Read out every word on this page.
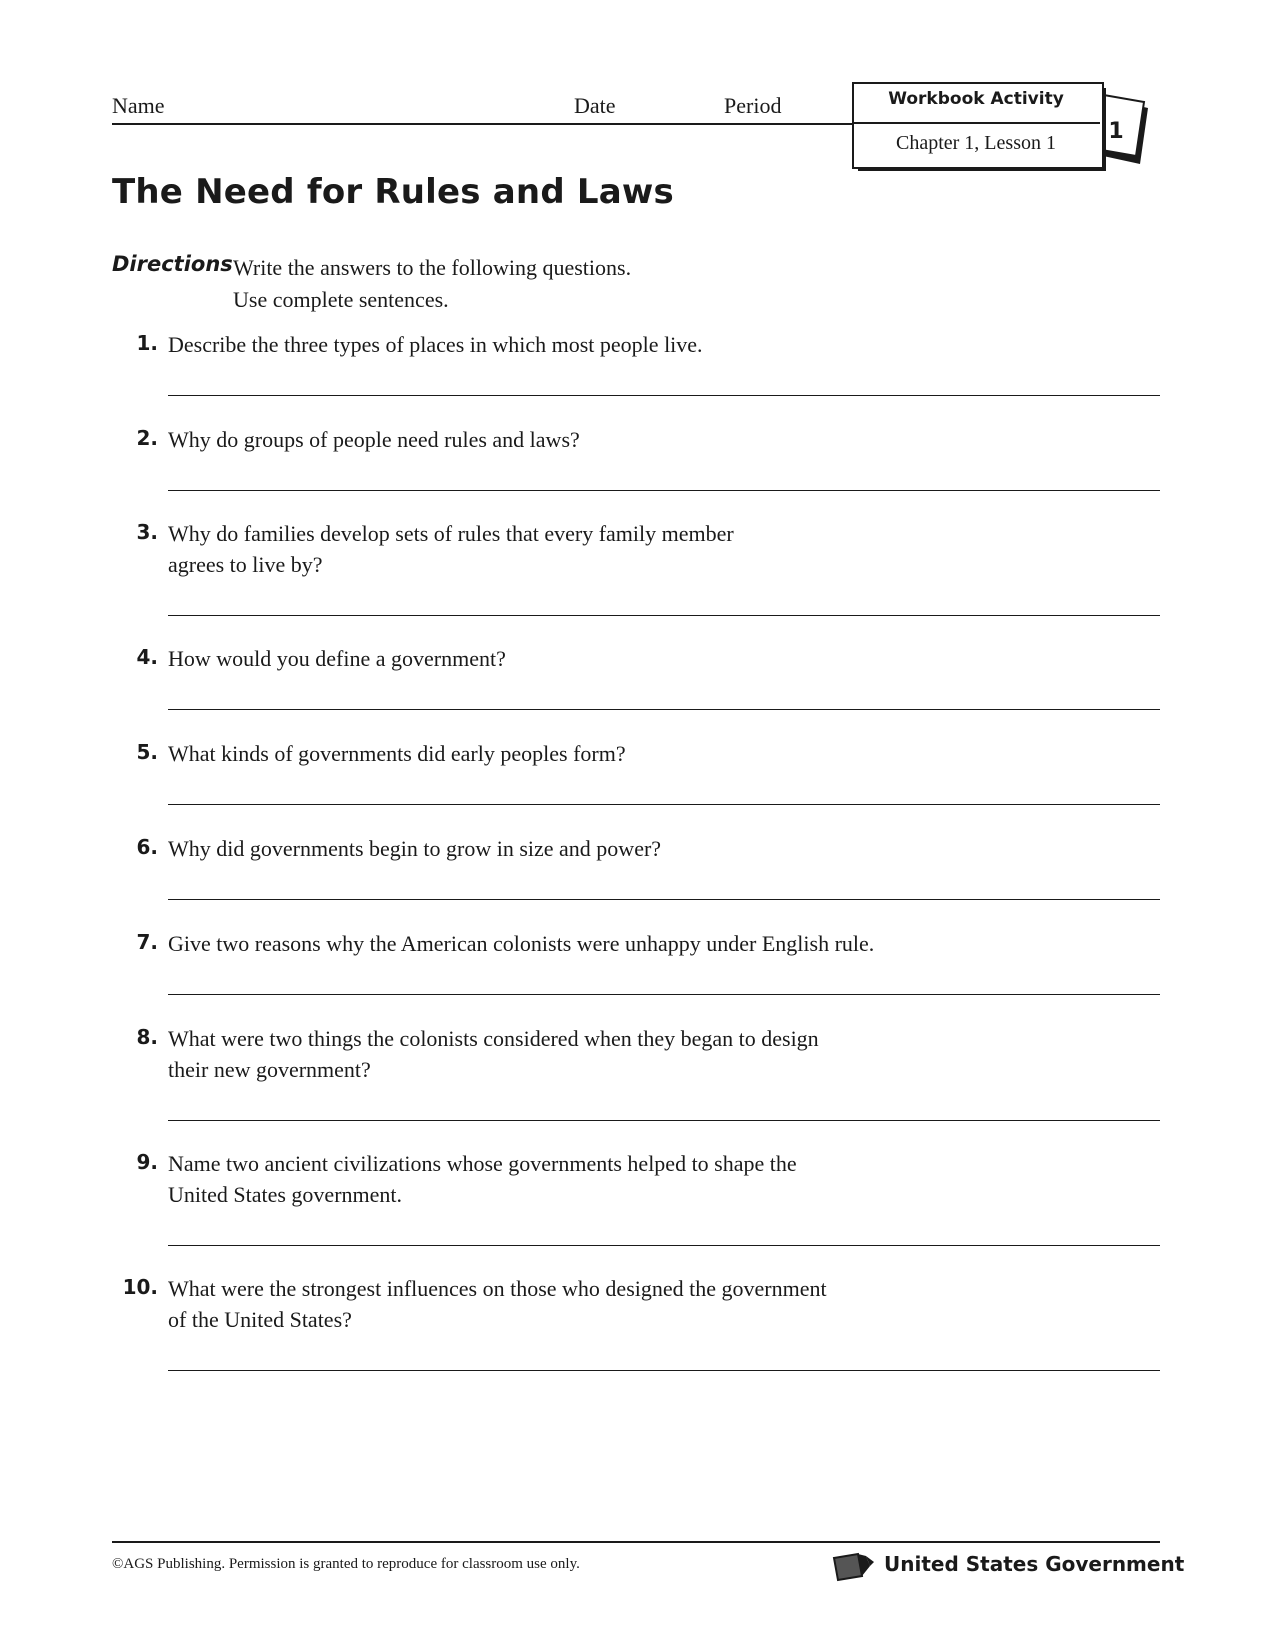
Name	Date	Period
1
Workbook Activity
Chapter 1, Lesson 1
The Need for Rules and Laws
Directions Write the answers to the following questions.
Use complete sentences.
1. Describe the three types of places in which most people live.
2. Why do groups of people need rules and laws?
3. Why do families develop sets of rules that every family member
agrees to live by?
4. How would you define a government?
5. What kinds of governments did early peoples form?
6. Why did governments begin to grow in size and power?
7. Give two reasons why the American colonists were unhappy under English rule.
8. What were two things the colonists considered when they began to design
their new government?
9. Name two ancient civilizations whose governments helped to shape the
United States government.
10. What were the strongest influences on those who designed the government
of the United States?
©AGS Publishing. Permission is granted to reproduce for classroom use only.	United States Government
